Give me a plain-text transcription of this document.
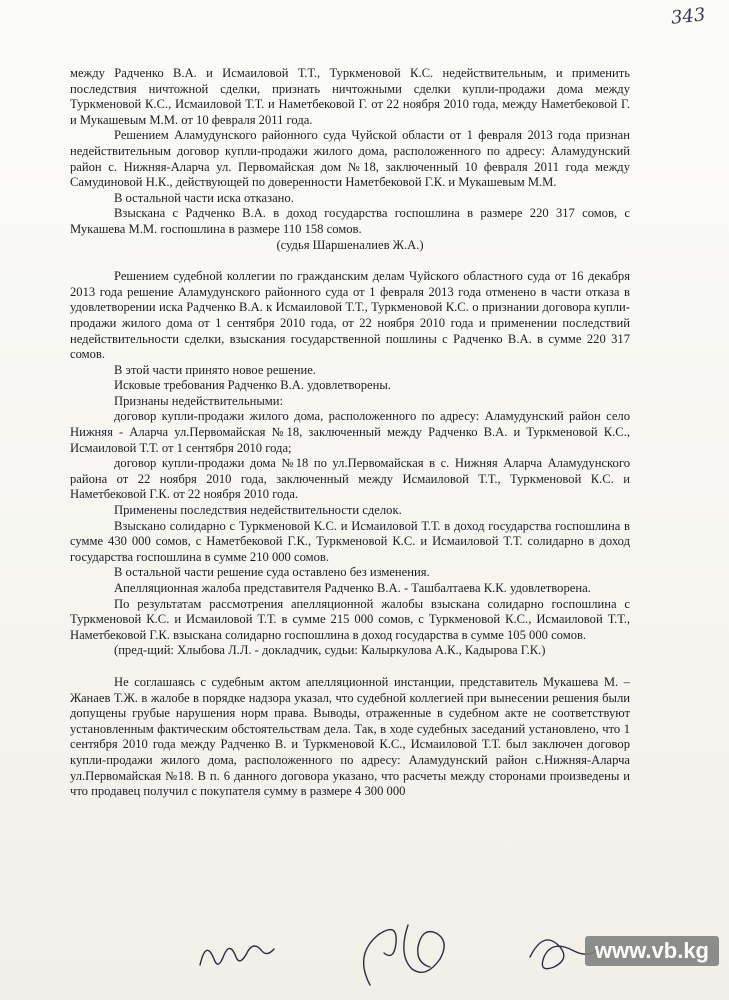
343

между Радченко В.А. и Исмаиловой Т.Т., Туркменовой К.С. недействительным, и применить последствия ничтожной сделки, признать ничтожными сделки купли-продажи дома между Туркменовой К.С., Исмаиловой Т.Т. и Наметбековой Г. от 22 ноября 2010 года, между Наметбековой Г. и Мукашевым М.М. от 10 февраля 2011 года.

Решением Аламудунского районного суда Чуйской области от 1 февраля 2013 года признан недействительным договор купли-продажи жилого дома, расположенного по адресу: Аламудунский район с. Нижняя-Аларча ул. Первомайская дом №18, заключенный 10 февраля 2011 года между Самудиновой Н.К., действующей по доверенности Наметбековой Г.К. и Мукашевым М.М.

В остальной части иска отказано.

Взыскана с Радченко В.А. в доход государства госпошлина в размере 220 317 сомов, с Мукашева М.М. госпошлина в размере 110 158 сомов.

(судья Шаршеналиев Ж.А.)

Решением судебной коллегии по гражданским делам Чуйского областного суда от 16 декабря 2013 года решение Аламудунского районного суда от 1 февраля 2013 года отменено в части отказа в удовлетворении иска Радченко В.А. к Исмаиловой Т.Т., Туркменовой К.С. о признании договора купли-продажи жилого дома от 1 сентября 2010 года, от 22 ноября 2010 года и применении последствий недействительности сделки, взыскания государственной пошлины с Радченко В.А. в сумме 220 317 сомов.

В этой части принято новое решение.

Исковые требования Радченко В.А. удовлетворены.

Признаны недействительными:

договор купли-продажи жилого дома, расположенного по адресу: Аламудунский район село Нижняя - Аларча ул.Первомайская №18, заключенный между Радченко В.А. и Туркменовой К.С., Исмаиловой Т.Т. от 1 сентября 2010 года;

договор купли-продажи дома №18 по ул.Первомайская в с. Нижняя Аларча Аламудунского района от 22 ноября 2010 года, заключенный между Исмаиловой Т.Т., Туркменовой К.С. и Наметбековой Г.К. от 22 ноября 2010 года.

Применены последствия недействительности сделок.

Взыскано солидарно с Туркменовой К.С. и Исмаиловой Т.Т. в доход государства госпошлина в сумме 430 000 сомов, с Наметбековой Г.К., Туркменовой К.С. и Исмаиловой Т.Т. солидарно в доход государства госпошлина в сумме 210 000 сомов.

В остальной части решение суда оставлено без изменения.

Апелляционная жалоба представителя Радченко В.А. - Ташбалтаева К.К. удовлетворена.

По результатам рассмотрения апелляционной жалобы взыскана солидарно госпошлина с Туркменовой К.С. и Исмаиловой Т.Т. в сумме 215 000 сомов, с Туркменовой К.С., Исмаиловой Т.Т., Наметбековой Г.К. взыскана солидарно госпошлина в доход государства в сумме 105 000 сомов.

(пред-щий: Хлыбова Л.Л. - докладчик, судьи: Калыркулова А.К., Кадырова Г.К.)

Не соглашаясь с судебным актом апелляционной инстанции, представитель Мукашева М. – Жанаев Т.Ж. в жалобе в порядке надзора указал, что судебной коллегией при вынесении решения были допущены грубые нарушения норм права. Выводы, отраженные в судебном акте не соответствуют установленным фактическим обстоятельствам дела. Так, в ходе судебных заседаний установлено, что 1 сентября 2010 года между Радченко В. и Туркменовой К.С., Исмаиловой Т.Т. был заключен договор купли-продажи жилого дома, расположенного по адресу: Аламудунский район с.Нижняя-Аларча ул.Первомайская №18. В п. 6 данного договора указано, что расчеты между сторонами произведены и что продавец получил с покупателя сумму в размере 4 300 000

www.vb.kg
